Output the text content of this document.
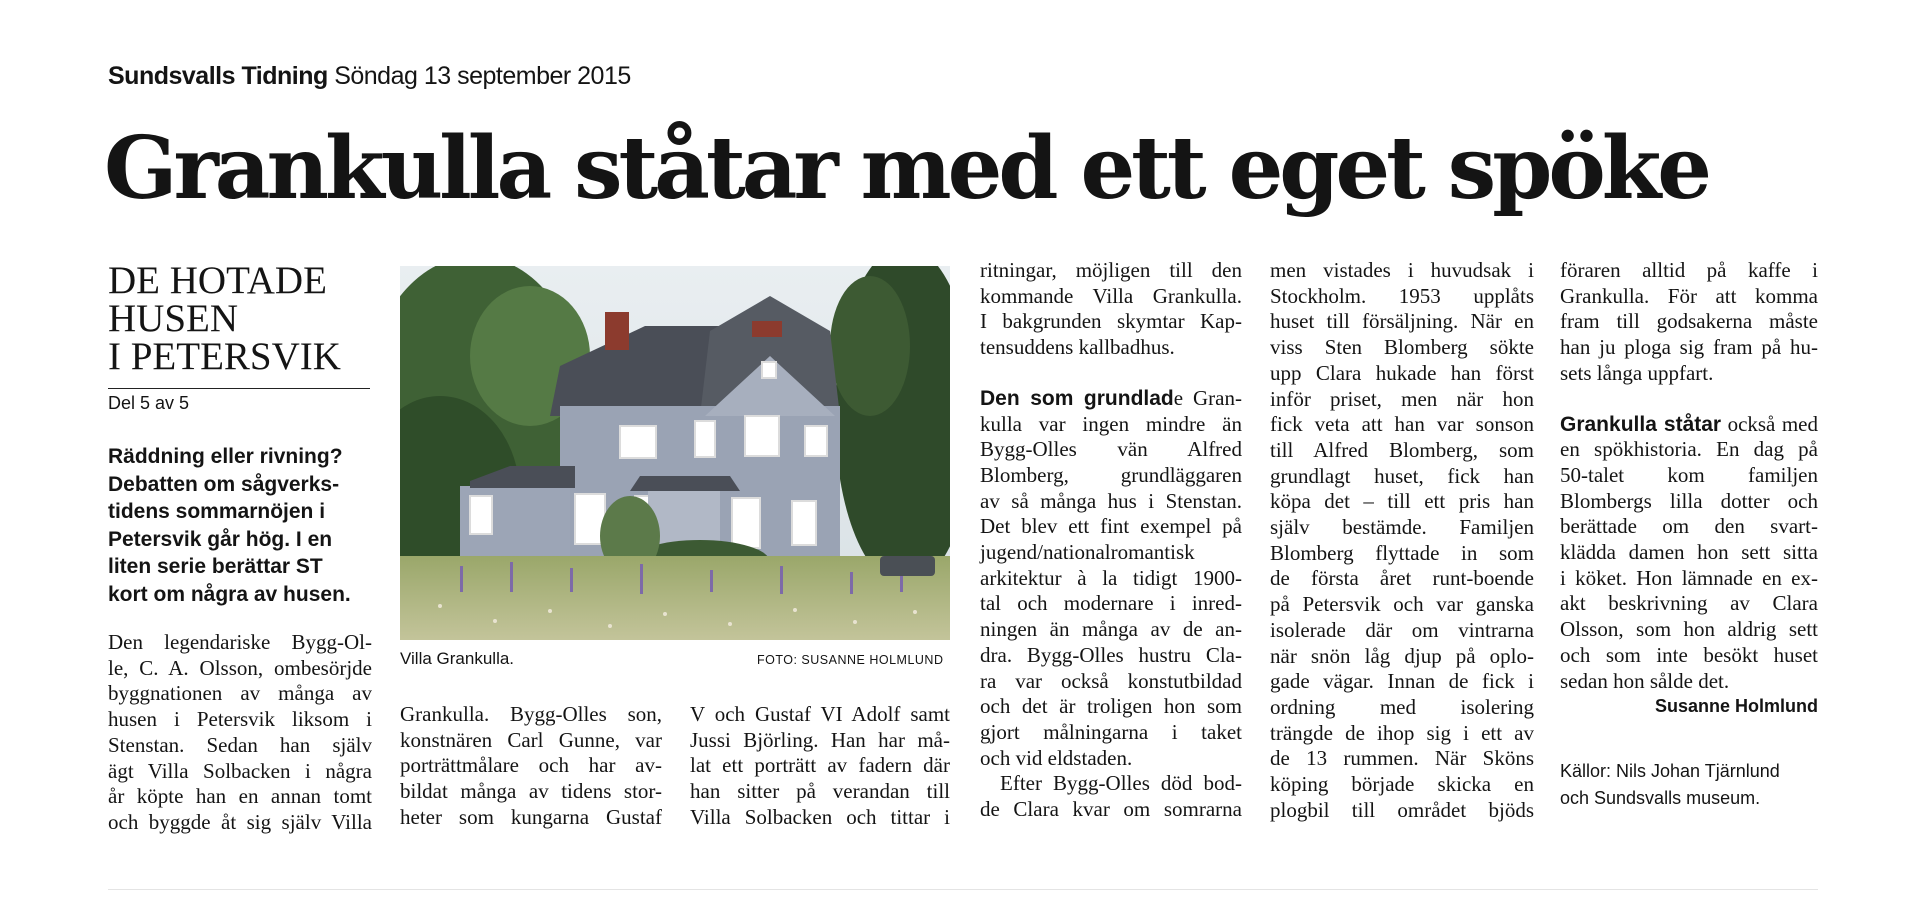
Sundsvalls Tidning Söndag 13 september 2015
Grankulla ståtar med ett eget spöke
DE HOTADE
HUSEN
I PETERSVIK
Del 5 av 5
Räddning eller rivning?
Debatten om sågverks-
tidens sommarnöjen i
Petersvik går hög. I en
liten serie berättar ST
kort om några av husen.
Villa Grankulla.	FOTO: SUSANNE HOLMLUND
Den legendariske Bygg-Ol-
le, C. A. Olsson, ombesörjde
byggnationen av många av
husen i Petersvik liksom i
Stenstan. Sedan han själv
ägt Villa Solbacken i några
år köpte han en annan tomt
och byggde åt sig själv Villa
Grankulla. Bygg-Olles son,
konstnären Carl Gunne, var
porträttmålare och har av-
bildat många av tidens stor-
heter som kungarna Gustaf
V och Gustaf VI Adolf samt
Jussi Björling. Han har må-
lat ett porträtt av fadern där
han sitter på verandan till
Villa Solbacken och tittar i
ritningar, möjligen till den
kommande Villa Grankulla.
I bakgrunden skymtar Kap-
tensuddens kallbadhus.
Den som grundlade Gran-
kulla var ingen mindre än
Bygg-Olles vän Alfred
Blomberg, grundläggaren
av så många hus i Stenstan.
Det blev ett fint exempel på
jugend/nationalromantisk
arkitektur à la tidigt 1900-
tal och modernare i inred-
ningen än många av de an-
dra. Bygg-Olles hustru Cla-
ra var också konstutbildad
och det är troligen hon som
gjort målningarna i taket
och vid eldstaden.
Efter Bygg-Olles död bod-
de Clara kvar om somrarna
men vistades i huvudsak i
Stockholm. 1953 upplåts
huset till försäljning. När en
viss Sten Blomberg sökte
upp Clara hukade han först
inför priset, men när hon
fick veta att han var sonson
till Alfred Blomberg, som
grundlagt huset, fick han
köpa det – till ett pris han
själv bestämde. Familjen
Blomberg flyttade in som
de första året runt-boende
på Petersvik och var ganska
isolerade där om vintrarna
när snön låg djup på oplo-
gade vägar. Innan de fick i
ordning med isolering
trängde de ihop sig i ett av
de 13 rummen. När Sköns
köping började skicka en
plogbil till området bjöds
föraren alltid på kaffe i
Grankulla. För att komma
fram till godsakerna måste
han ju ploga sig fram på hu-
sets långa uppfart.
Grankulla ståtar också med
en spökhistoria. En dag på
50-talet kom familjen
Blombergs lilla dotter och
berättade om den svart-
klädda damen hon sett sitta
i köket. Hon lämnade en ex-
akt beskrivning av Clara
Olsson, som hon aldrig sett
och som inte besökt huset
sedan hon sålde det.
Susanne Holmlund
Källor: Nils Johan Tjärnlund
och Sundsvalls museum.
